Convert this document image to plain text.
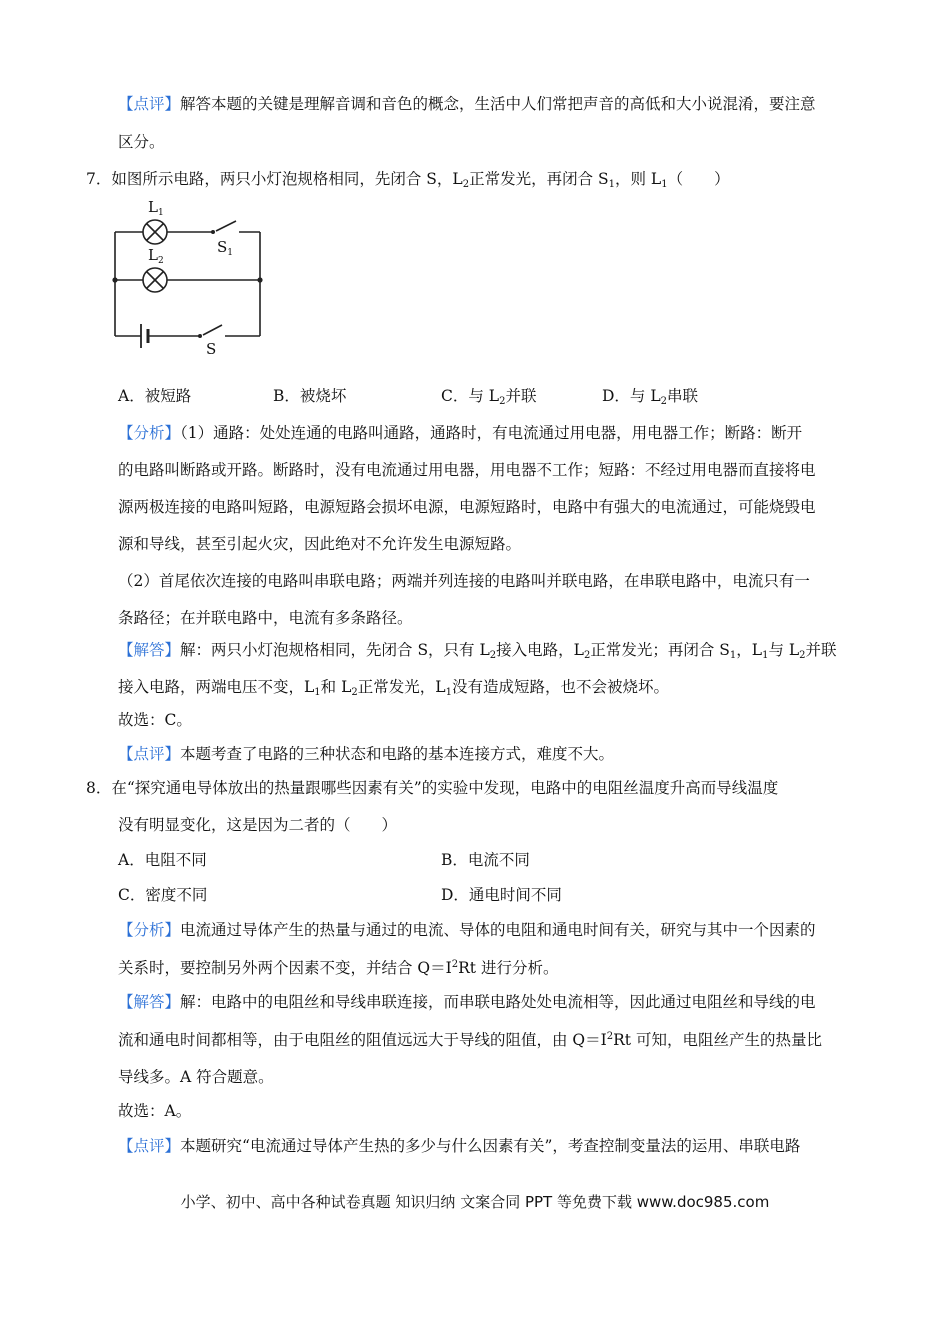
【点评】解答本题的关键是理解音调和音色的概念，生活中人们常把声音的高低和大小说混淆，要注意
区分。
7．如图所示电路，两只小灯泡规格相同，先闭合 S，$L_2$正常发光，再闭合 $S_1$，则 $L_1$（　　）
$L_1$
$L_2$
$S_1$
S
A．被短路	B．被烧坏	C．与 $L_2$并联	D．与 $L_2$串联
【分析】（1）通路：处处连通的电路叫通路，通路时，有电流通过用电器，用电器工作；断路：断开
的电路叫断路或开路。断路时，没有电流通过用电器，用电器不工作；短路：不经过用电器而直接将电
源两极连接的电路叫短路，电源短路会损坏电源，电源短路时，电路中有强大的电流通过，可能烧毁电
源和导线，甚至引起火灾，因此绝对不允许发生电源短路。
（2）首尾依次连接的电路叫串联电路；两端并列连接的电路叫并联电路，在串联电路中，电流只有一
条路径；在并联电路中，电流有多条路径。
【解答】解：两只小灯泡规格相同，先闭合 S，只有 $L_2$接入电路，$L_2$正常发光；再闭合 $S_1$，$L_1$与 $L_2$并联
接入电路，两端电压不变，$L_1$和 $L_2$正常发光，$L_1$没有造成短路，也不会被烧坏。
故选：C。
【点评】本题考查了电路的三种状态和电路的基本连接方式，难度不大。
8．在“探究通电导体放出的热量跟哪些因素有关”的实验中发现，电路中的电阻丝温度升高而导线温度
没有明显变化，这是因为二者的（　　）
A．电阻不同	B．电流不同
C．密度不同	D．通电时间不同
【分析】电流通过导体产生的热量与通过的电流、导体的电阻和通电时间有关，研究与其中一个因素的
关系时，要控制另外两个因素不变，并结合 $Q=I^2Rt$ 进行分析。
【解答】解：电路中的电阻丝和导线串联连接，而串联电路处处电流相等，因此通过电阻丝和导线的电
流和通电时间都相等，由于电阻丝的阻值远远大于导线的阻值，由 $Q=I^2Rt$ 可知，电阻丝产生的热量比
导线多。A 符合题意。
故选：A。
【点评】本题研究“电流通过导体产生热的多少与什么因素有关”，考查控制变量法的运用、串联电路
小学、初中、高中各种试卷真题 知识归纳 文案合同 PPT 等免费下载 www.doc985.com
